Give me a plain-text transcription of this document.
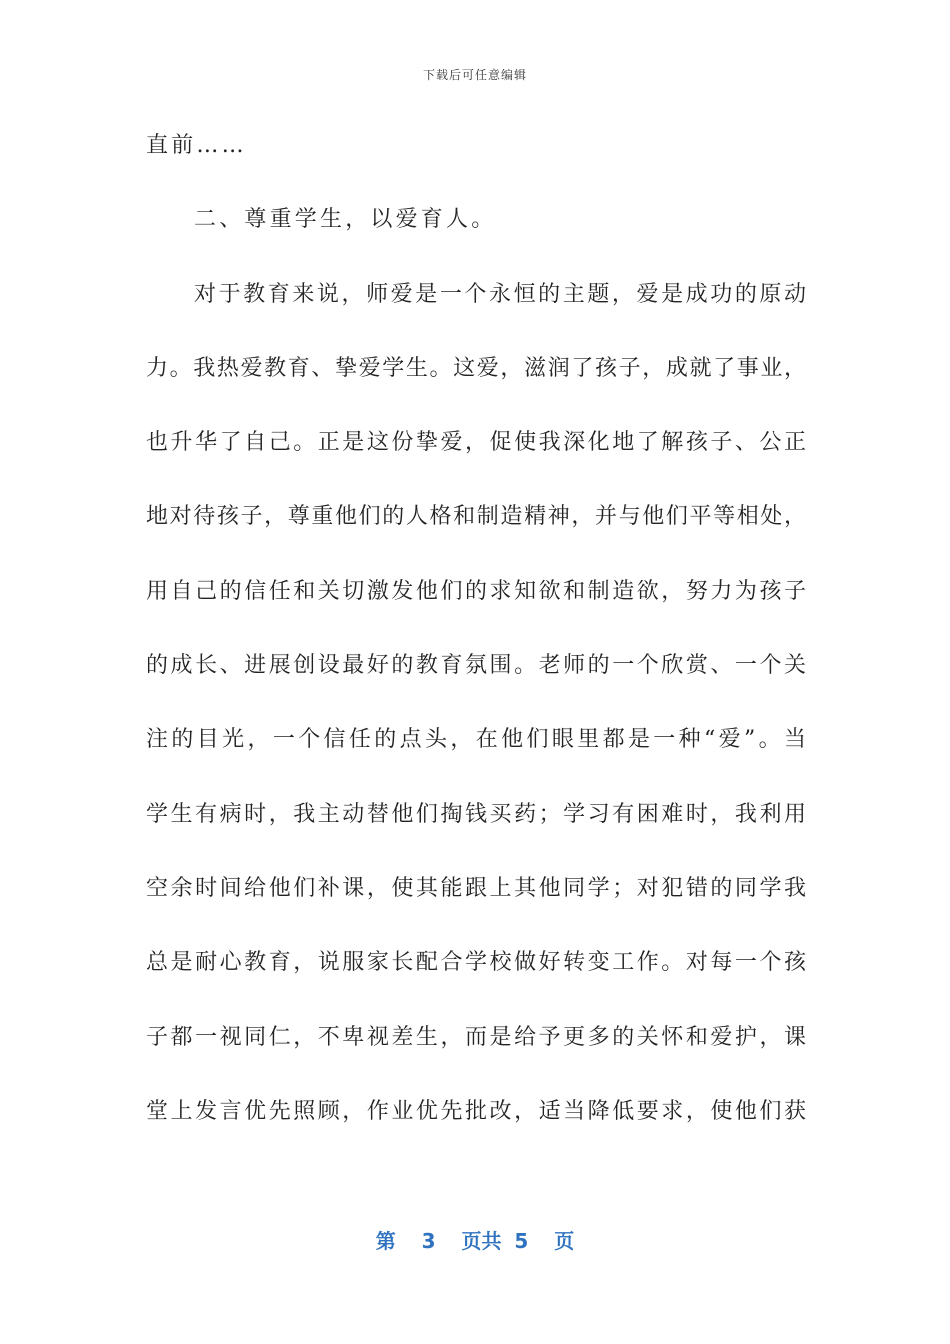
下载后可任意编辑
直前……
二、尊重学生，以爱育人。
对于教育来说，师爱是一个永恒的主题，爱是成功的原动
力。我热爱教育、挚爱学生。这爱，滋润了孩子，成就了事业，
也升华了自己。正是这份挚爱，促使我深化地了解孩子、公正
地对待孩子，尊重他们的人格和制造精神，并与他们平等相处，
用自己的信任和关切激发他们的求知欲和制造欲，努力为孩子
的成长、进展创设最好的教育氛围。老师的一个欣赏、一个关
注的目光，一个信任的点头，在他们眼里都是一种“爱”。当
学生有病时，我主动替他们掏钱买药；学习有困难时，我利用
空余时间给他们补课，使其能跟上其他同学；对犯错的同学我
总是耐心教育，说服家长配合学校做好转变工作。对每一个孩
子都一视同仁，不卑视差生，而是给予更多的关怀和爱护，课
堂上发言优先照顾，作业优先批改，适当降低要求，使他们获
第  3  页共 5  页
